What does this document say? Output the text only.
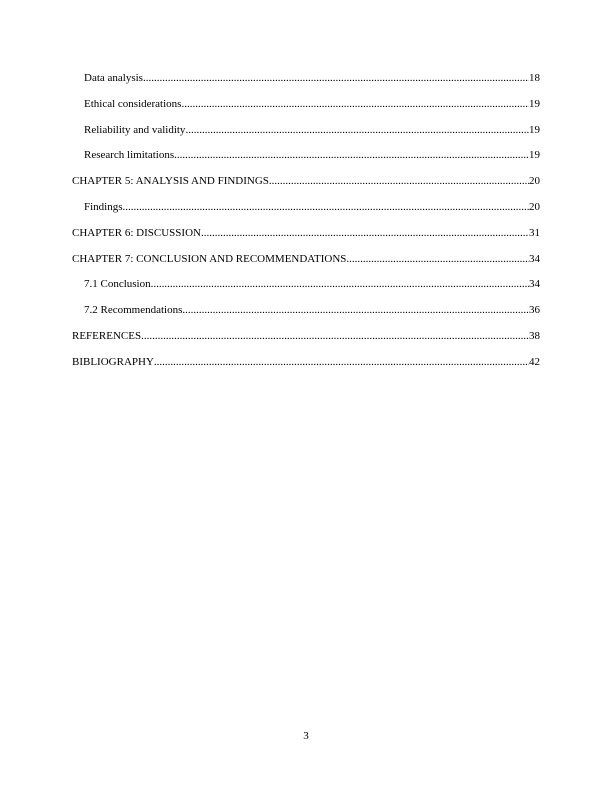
Data analysis .....	18
Ethical considerations .....	19
Reliability and validity .....	19
Research limitations .....	19
CHAPTER 5: ANALYSIS AND FINDINGS .....	20
Findings .....	20
CHAPTER 6: DISCUSSION .....	31
CHAPTER 7: CONCLUSION AND RECOMMENDATIONS .....	34
7.1 Conclusion .....	34
7.2 Recommendations .....	36
REFERENCES .....	38
BIBLIOGRAPHY .....	42
3
